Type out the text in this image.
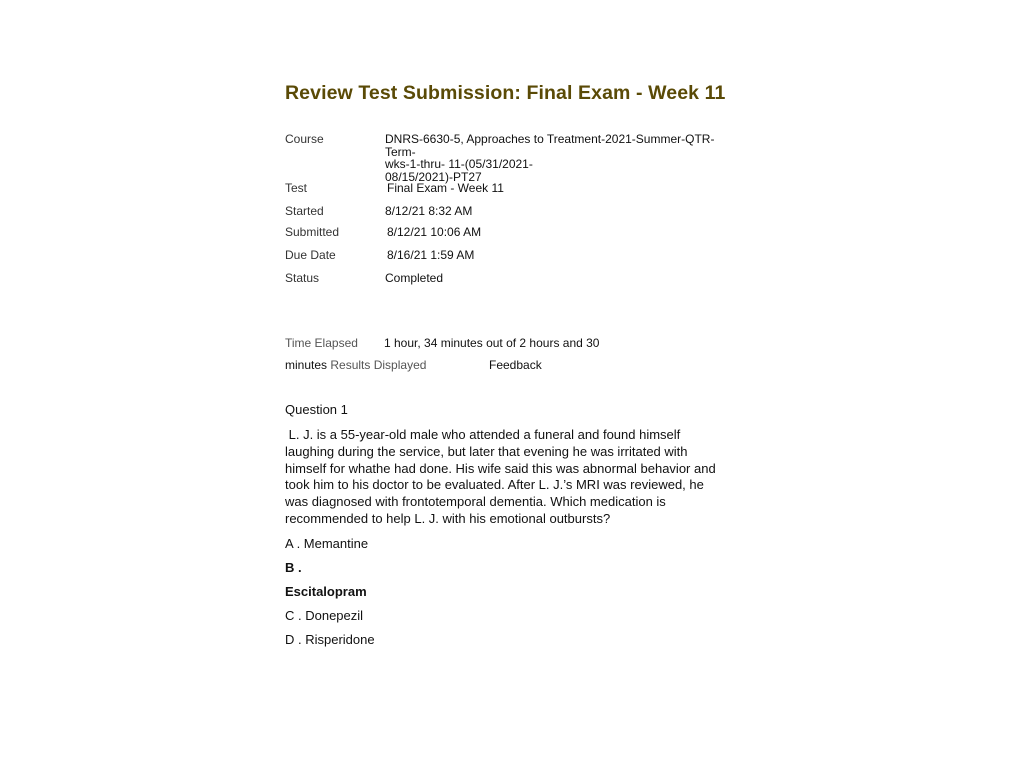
Review Test Submission: Final Exam - Week 11
Course	DNRS-6630-5, Approaches to Treatment-2021-Summer-QTR-Term-
wks-1-thru- 11-(05/31/2021-
08/15/2021)-PT27
Test	Final Exam - Week 11
Started	8/12/21 8:32 AM
Submitted	8/12/21 10:06 AM
Due Date	8/16/21 1:59 AM
Status	Completed
Time Elapsed 1 hour, 34 minutes out of 2 hours and 30
minutes Results Displayed	Feedback
Question 1
L. J. is a 55-year-old male who attended a funeral and found himself
laughing during the service, but later that evening he was irritated with
himself for whathe had done. His wife said this was abnormal behavior and
took him to his doctor to be evaluated. After L. J.’s MRI was reviewed, he
was diagnosed with frontotemporal dementia. Which medication is
recommended to help L. J. with his emotional outbursts?
A . Memantine
B .
Escitalopram
C . Donepezil
D . Risperidone
